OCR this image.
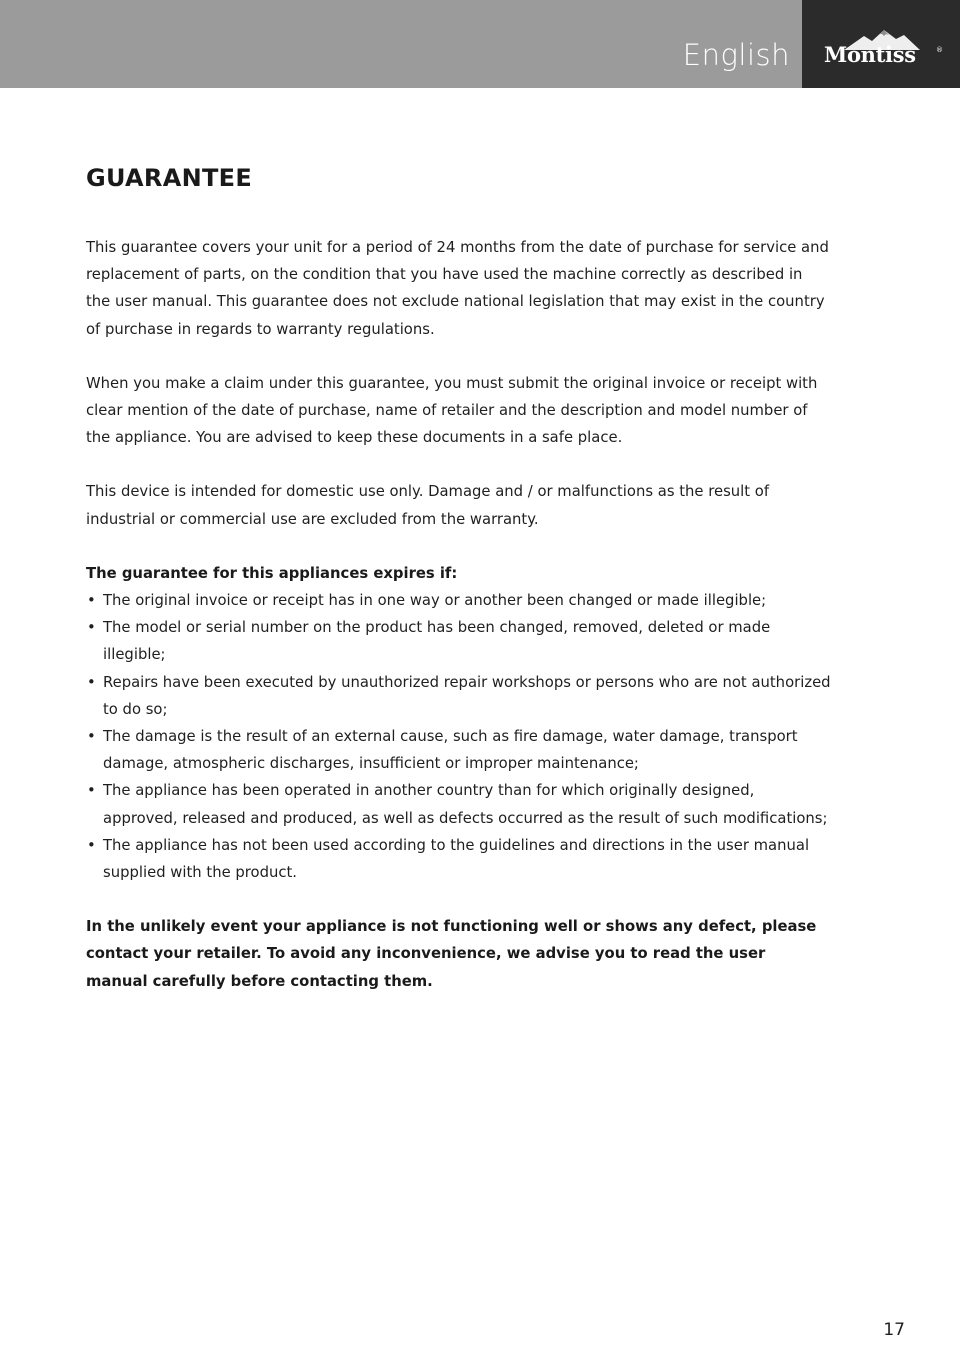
English Montiss	®
GUARANTEE

This guarantee covers your unit for a period of 24 months from the date of purchase for service and replacement of parts, on the condition that you have used the machine correctly as described in the user manual. This guarantee does not exclude national legislation that may exist in the country of purchase in regards to warranty regulations.

When you make a claim under this guarantee, you must submit the original invoice or receipt with clear mention of the date of purchase, name of retailer and the description and model number of the appliance. You are advised to keep these documents in a safe place.

This device is intended for domestic use only. Damage and / or malfunctions as the result of industrial or commercial use are excluded from the warranty.

The guarantee for this appliances expires if:

• The original invoice or receipt has in one way or another been changed or made illegible;
• The model or serial number on the product has been changed, removed, deleted or made illegible;
• Repairs have been executed by unauthorized repair workshops or persons who are not authorized to do so;
• The damage is the result of an external cause, such as fire damage, water damage, transport damage, atmospheric discharges, insufficient or improper maintenance;
• The appliance has been operated in another country than for which originally designed, approved, released and produced, as well as defects occurred as the result of such modifications;
• The appliance has not been used according to the guidelines and directions in the user manual supplied with the product.

In the unlikely event your appliance is not functioning well or shows any defect, please contact your retailer. To avoid any inconvenience, we advise you to read the user manual carefully before contacting them.

17
